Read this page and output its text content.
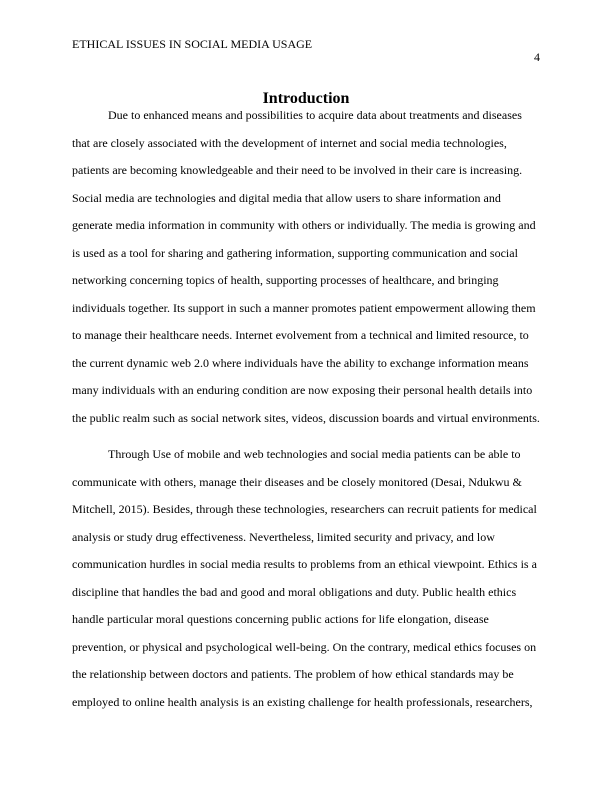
ETHICAL ISSUES IN SOCIAL MEDIA USAGE
4
Introduction

Due to enhanced means and possibilities to acquire data about treatments and diseases
that are closely associated with the development of internet and social media technologies,
patients are becoming knowledgeable and their need to be involved in their care is increasing.
Social media are technologies and digital media that allow users to share information and
generate media information in community with others or individually. The media is growing and
is used as a tool for sharing and gathering information, supporting communication and social
networking concerning topics of health, supporting processes of healthcare, and bringing
individuals together. Its support in such a manner promotes patient empowerment allowing them
to manage their healthcare needs. Internet evolvement from a technical and limited resource, to
the current dynamic web 2.0 where individuals have the ability to exchange information means
many individuals with an enduring condition are now exposing their personal health details into
the public realm such as social network sites, videos, discussion boards and virtual environments.

Through Use of mobile and web technologies and social media patients can be able to
communicate with others, manage their diseases and be closely monitored (Desai, Ndukwu &
Mitchell, 2015). Besides, through these technologies, researchers can recruit patients for medical
analysis or study drug effectiveness. Nevertheless, limited security and privacy, and low
communication hurdles in social media results to problems from an ethical viewpoint. Ethics is a
discipline that handles the bad and good and moral obligations and duty. Public health ethics
handle particular moral questions concerning public actions for life elongation, disease
prevention, or physical and psychological well-being. On the contrary, medical ethics focuses on
the relationship between doctors and patients. The problem of how ethical standards may be
employed to online health analysis is an existing challenge for health professionals, researchers,
